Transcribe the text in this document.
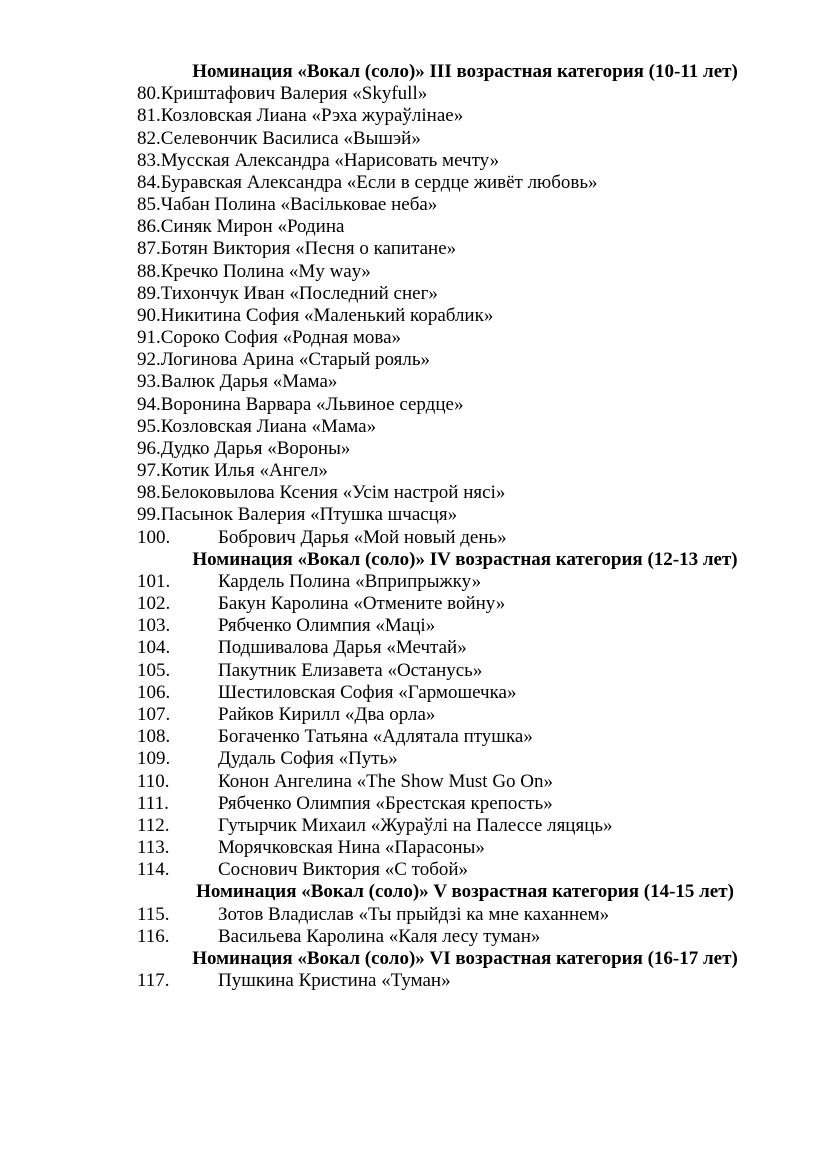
Номинация «Вокал (соло)» III возрастная категория (10-11 лет)
80.Криштафович Валерия «Skyfull»
81.Козловская Лиана «Рэха жураўлінае»
82.Селевончик Василиса «Вышэй»
83.Мусская Александра «Нарисовать мечту»
84.Буравская Александра «Если в сердце живёт любовь»
85.Чабан Полина «Васільковае неба»
86.Синяк Мирон «Родина
87.Ботян Виктория «Песня о капитане»
88.Кречко Полина «My way»
89.Тихончук Иван «Последний снег»
90.Никитина София «Маленький кораблик»
91.Сороко София «Родная мова»
92.Логинова Арина «Старый рояль»
93.Валюк Дарья «Мама»
94.Воронина Варвара «Львиное сердце»
95.Козловская Лиана «Мама»
96.Дудко Дарья «Вороны»
97.Котик Илья «Ангел»
98.Белоковылова Ксения «Усім настрой нясі»
99.Пасынок Валерия «Птушка шчасця»
100.	Бобрович Дарья «Мой новый день»
Номинация «Вокал (соло)» IV возрастная категория (12-13 лет)
101.	Кардель Полина «Вприпрыжку»
102.	Бакун Каролина «Отмените войну»
103.	Рябченко Олимпия «Маці»
104.	Подшивалова Дарья «Мечтай»
105.	Пакутник Елизавета «Останусь»
106.	Шестиловская София «Гармошечка»
107.	Райков Кирилл «Два орла»
108.	Богаченко Татьяна «Адлятала птушка»
109.	Дудаль София «Путь»
110.	Конон Ангелина «The Show Must Go On»
111.	Рябченко Олимпия «Брестская крепость»
112.	Гутырчик Михаил «Жураўлі на Палессе ляцяць»
113.	Морячковская Нина «Парасоны»
114.	Соснович Виктория «С тобой»
Номинация «Вокал (соло)» V возрастная категория (14-15 лет)
115.	Зотов Владислав «Ты прыйдзі ка мне каханнем»
116.	Васильева Каролина «Каля лесу туман»
Номинация «Вокал (соло)» VI возрастная категория (16-17 лет)
117.	Пушкина Кристина «Туман»
